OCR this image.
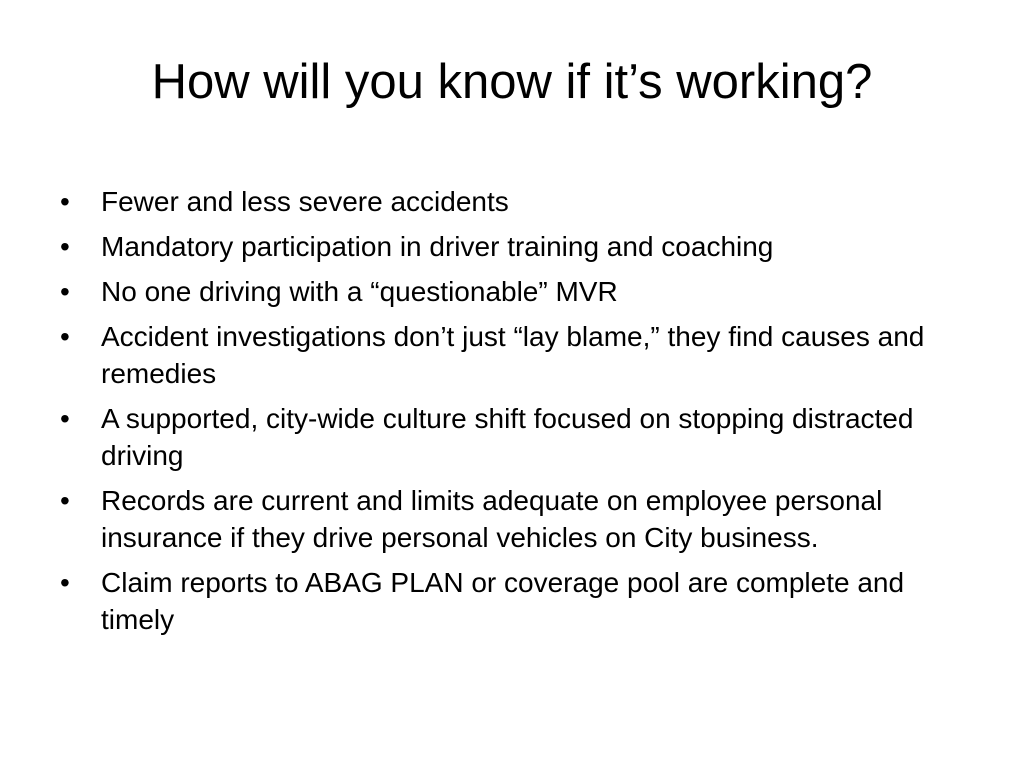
How will you know if it’s working?
•	Fewer and less severe accidents
•	Mandatory participation in driver training and coaching
•	No one driving with a “questionable” MVR
•	Accident investigations don’t just “lay blame,” they find causes and remedies
•	A supported, city-wide culture shift focused on stopping distracted driving
•	Records are current and limits adequate on employee personal insurance if they drive personal vehicles on City business.
•	Claim reports to ABAG PLAN or coverage pool are complete and timely
